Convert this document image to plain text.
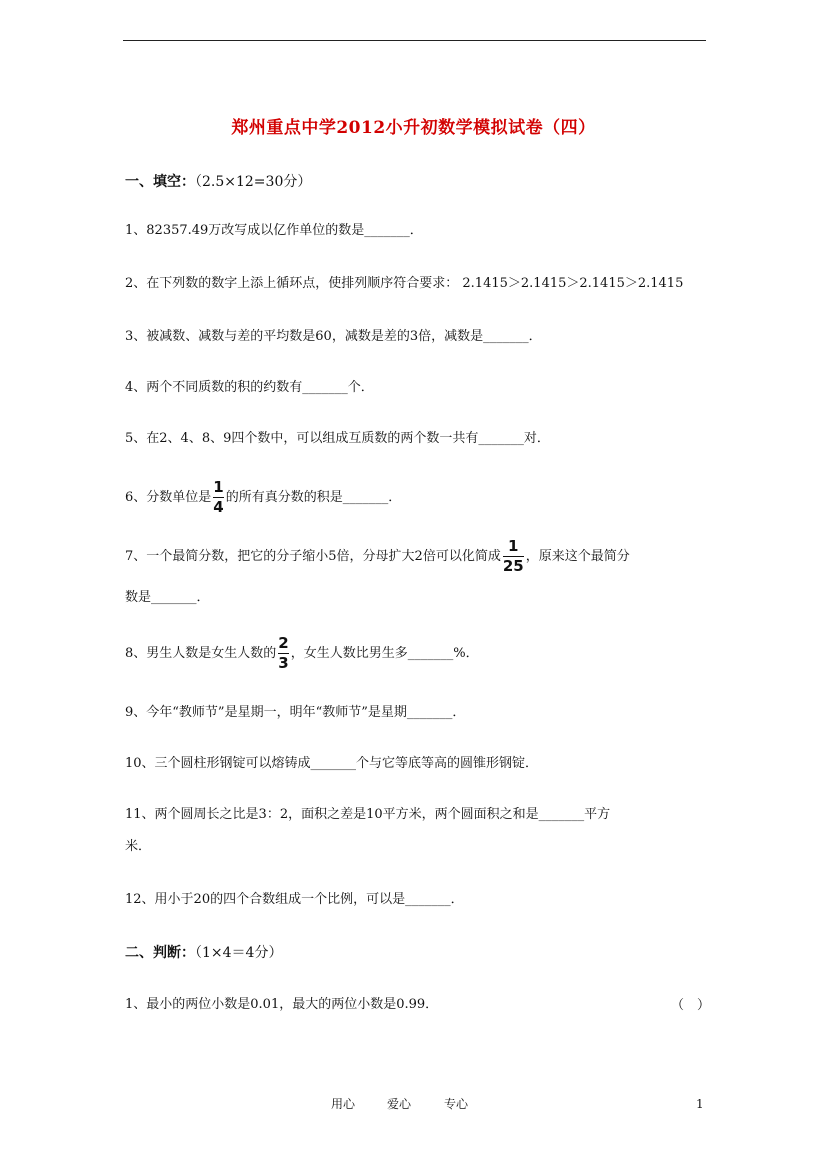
郑州重点中学2012小升初数学模拟试卷（四）
一、填空：（2.5×12=30分）
1、82357.49万改写成以亿作单位的数是_______．
2、在下列数的数字上添上循环点，使排列顺序符合要求： 2.1415＞2.1415＞2.1415＞2.1415
3、被减数、减数与差的平均数是60，减数是差的3倍，减数是_______．
4、两个不同质数的积的约数有_______个．
5、在2、4、8、9四个数中，可以组成互质数的两个数一共有_______对．
6、分数单位是 $\frac{1}{4}$ 的所有真分数的积是_______．
7、一个最简分数，把它的分子缩小5倍，分母扩大2倍可以化简成 $\frac{1}{25}$ ，原来这个最简分
数是_______．
8、男生人数是女生人数的 $\frac{2}{3}$ ，女生人数比男生多_______%．
9、今年“教师节”是星期一，明年“教师节”是星期_______．
10、三个圆柱形钢锭可以熔铸成_______个与它等底等高的圆锥形钢锭．
11、两个圆周长之比是3：2，面积之差是10平方米，两个圆面积之和是_______平方
米．
12、用小于20的四个合数组成一个比例，可以是_______．
二、判断：（1×4＝4分）
1、最小的两位小数是0.01，最大的两位小数是0.99．	（　）
用心	爱心	专心	1
